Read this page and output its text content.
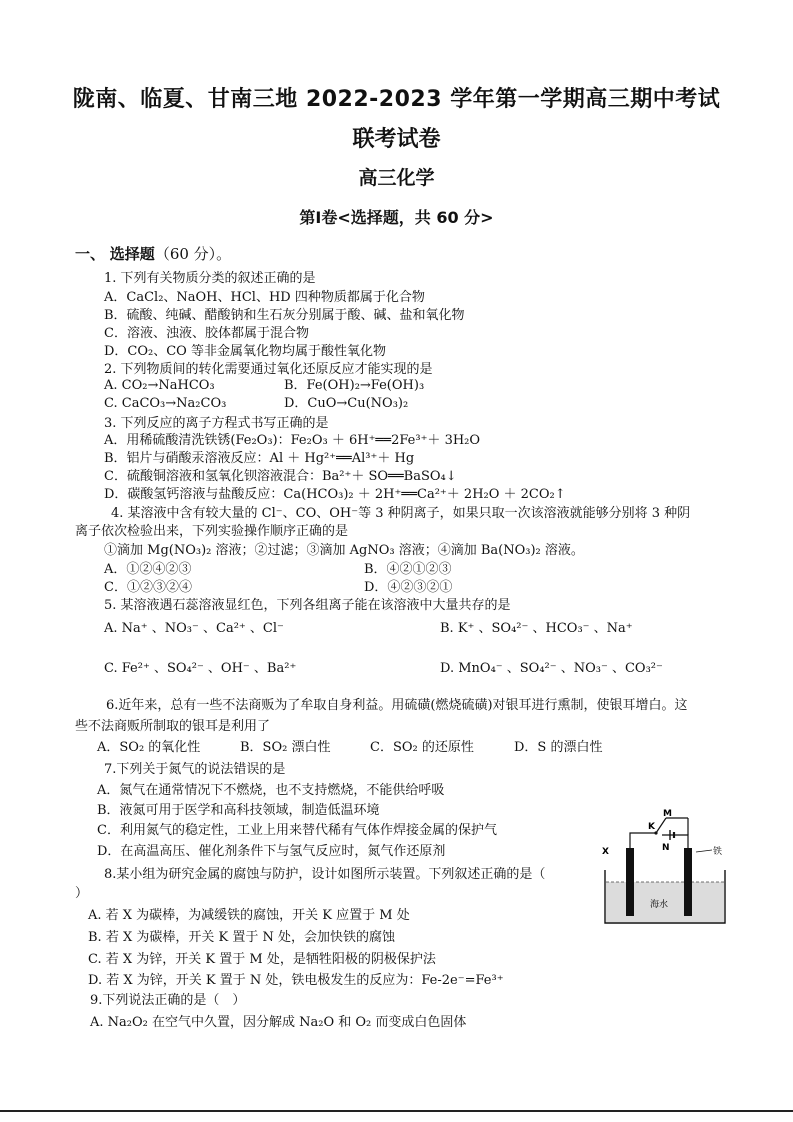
陇南、临夏、甘南三地 2022-2023 学年第一学期高三期中考试
联考试卷
高三化学
第Ⅰ卷<选择题，共 60 分>
一、 选择题（60 分）。
1. 下列有关物质分类的叙述正确的是
A．CaCl₂、NaOH、HCl、HD 四种物质都属于化合物
B．硫酸、纯碱、醋酸钠和生石灰分别属于酸、碱、盐和氧化物
C．溶液、浊液、胶体都属于混合物
D．CO₂、CO 等非金属氧化物均属于酸性氧化物
2. 下列物质间的转化需要通过氧化还原反应才能实现的是
A. CO₂→NaHCO₃	B．Fe(OH)₂→Fe(OH)₃
C. CaCO₃→Na₂CO₃	D．CuO→Cu(NO₃)₂
3. 下列反应的离子方程式书写正确的是
A．用稀硫酸清洗铁锈(Fe₂O₃)：Fe₂O₃ ＋ 6H⁺══2Fe³⁺＋ 3H₂O
B．铝片与硝酸汞溶液反应：Al ＋ Hg²⁺══Al³⁺＋ Hg
C．硫酸铜溶液和氢氧化钡溶液混合：Ba²⁺＋ SO══BaSO₄↓
D．碳酸氢钙溶液与盐酸反应：Ca(HCO₃)₂ ＋ 2H⁺══Ca²⁺＋ 2H₂O ＋ 2CO₂↑
4. 某溶液中含有较大量的 Cl⁻、CO、OH⁻等 3 种阴离子，如果只取一次该溶液就能够分别将 3 种阴
离子依次检验出来，下列实验操作顺序正确的是
①滴加 Mg(NO₃)₂ 溶液；②过滤；③滴加 AgNO₃ 溶液；④滴加 Ba(NO₃)₂ 溶液。
A．①②④②③	B．④②①②③
C．①②③②④	D．④②③②①
5. 某溶液遇石蕊溶液显红色，下列各组离子能在该溶液中大量共存的是
A. Na⁺ 、NO₃⁻ 、Ca²⁺ 、Cl⁻	B. K⁺ 、SO₄²⁻ 、HCO₃⁻ 、Na⁺
C. Fe²⁺ 、SO₄²⁻ 、OH⁻ 、Ba²⁺	D. MnO₄⁻ 、SO₄²⁻ 、NO₃⁻ 、CO₃²⁻
6.近年来，总有一些不法商贩为了牟取自身利益。用硫磺(燃烧硫磺)对银耳进行熏制，使银耳增白。这
些不法商贩所制取的银耳是利用了
A．SO₂ 的氧化性	B．SO₂ 漂白性	C．SO₂ 的还原性	D．S 的漂白性
7.下列关于氮气的说法错误的是
A．氮气在通常情况下不燃烧，也不支持燃烧，不能供给呼吸
B．液氮可用于医学和高科技领域，制造低温环境
C．利用氮气的稳定性，工业上用来替代稀有气体作焊接金属的保护气
D．在高温高压、催化剂条件下与氢气反应时，氮气作还原剂
8.某小组为研究金属的腐蚀与防护，设计如图所示装置。下列叙述正确的是（
）
A. 若 X 为碳棒，为减缓铁的腐蚀，开关 K 应置于 M 处
B. 若 X 为碳棒，开关 K 置于 N 处，会加快铁的腐蚀
C. 若 X 为锌，开关 K 置于 M 处，是牺牲阳极的阴极保护法
D. 若 X 为锌，开关 K 置于 N 处，铁电极发生的反应为：Fe-2e⁻=Fe³⁺
X
K
M
N	铁
海水
9.下列说法正确的是（　）
A. Na₂O₂ 在空气中久置，因分解成 Na₂O 和 O₂ 而变成白色固体
